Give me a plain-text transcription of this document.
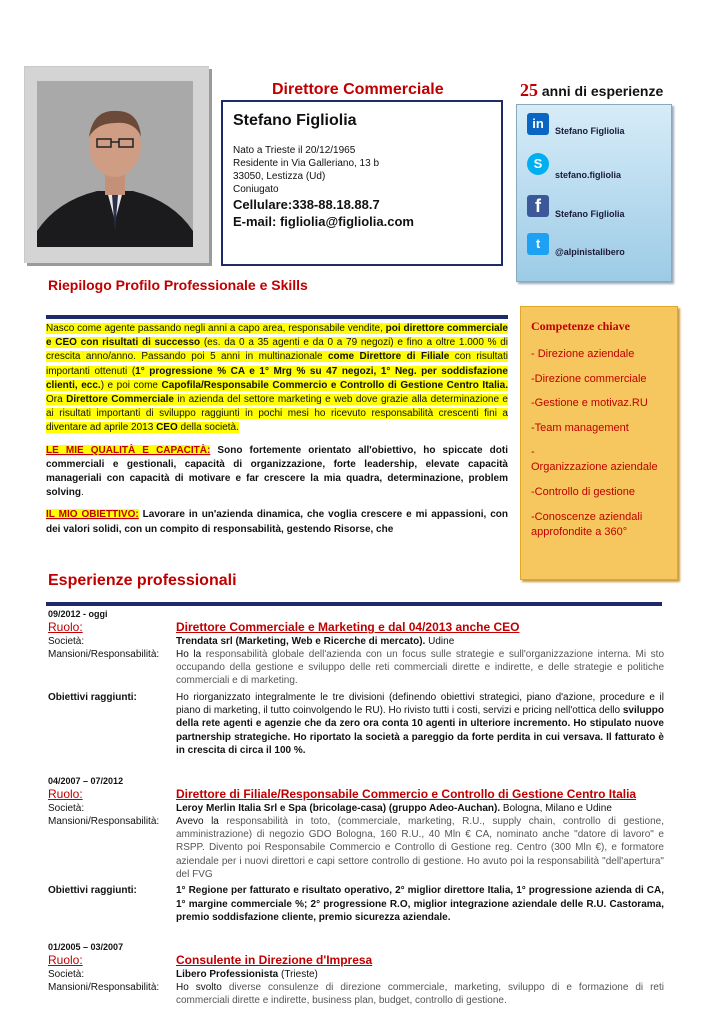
Direttore Commerciale	25 anni di esperienze
Stefano Figliolia
Nato a Trieste il 20/12/1965
Residente in Via Galleriano, 13 b
33050, Lestizza (Ud)
Coniugato
Cellulare:338-88.18.88.7
E-mail: figliolia@figliolia.com
in	Stefano Figliolia
S
stefano.figliolia
f	Stefano Figliolia
t
@alpinistalibero
Riepilogo Profilo Professionale e Skills
Nasco come agente passando negli anni a capo area, responsabile vendite, poi direttore commerciale e CEO con risultati di successo (es. da 0 a 35 agenti e da 0 a 79 negozi) e fino a oltre 1.000 % di crescita anno/anno. Passando poi 5 anni in multinazionale come Direttore di Filiale con risultati importanti ottenuti (1° progressione % CA e 1° Mrg % su 47 negozi, 1° Neg. per soddisfazione clienti, ecc.) e poi come Capofila/Responsabile Commercio e Controllo di Gestione Centro Italia. Ora Direttore Commerciale in azienda del settore marketing e web dove grazie alla determinazione e ai risultati importanti di sviluppo raggiunti in pochi mesi ho ricevuto responsabilità crescenti fini a diventare ad aprile 2013 CEO della società.
LE MIE QUALITÀ E CAPACITÀ: Sono fortemente orientato all'obiettivo, ho spiccate doti commerciali e gestionali, capacità di organizzazione, forte leadership, elevate capacità manageriali con capacità di motivare e far crescere la mia quadra, determinazione, problem solving.
IL MIO OBIETTIVO: Lavorare in un'azienda dinamica, che voglia crescere e mi appassioni, con dei valori solidi, con un compito di responsabilità, gestendo Risorse, che
Competenze chiave
- Direzione aziendale
-Direzione commerciale
-Gestione e motivaz.RU
-Team management
-Organizzazione aziendale
-Controllo di gestione
-Conoscenze aziendali approfondite a 360°
Esperienze professionali
09/2012 - oggi
Ruolo:	Direttore Commerciale e Marketing e dal 04/2013 anche CEO
Società:	Trendata srl (Marketing, Web e Ricerche di mercato). Udine
Mansioni/Responsabilità:	Ho la responsabilità globale dell'azienda con un focus sulle strategie e sull'organizzazione interna. Mi sto occupando della gestione e sviluppo delle reti commerciali dirette e indirette, e delle strategie e politiche commerciali e di marketing.
Obiettivi raggiunti:	Ho riorganizzato integralmente le tre divisioni (definendo obiettivi strategici, piano d'azione, procedure e il piano di marketing, il tutto coinvolgendo le RU). Ho rivisto tutti i costi, servizi e pricing nell'ottica dello sviluppo della rete agenti e agenzie che da zero ora conta 10 agenti in ulteriore incremento. Ho stipulato nuove partnership strategiche. Ho riportato la società a pareggio da forte perdita in cui versava. Il fatturato è in crescita di circa il 100 %.
04/2007 – 07/2012
Ruolo:	Direttore di Filiale/Responsabile Commercio e Controllo di Gestione Centro Italia
Società:	Leroy Merlin Italia Srl e Spa (bricolage-casa) (gruppo Adeo-Auchan). Bologna, Milano e Udine
Mansioni/Responsabilità:	Avevo la responsabilità in toto, (commerciale, marketing, R.U., supply chain, controllo di gestione, amministrazione) di negozio GDO Bologna, 160 R.U., 40 Mln € CA, nominato anche "datore di lavoro" e RSPP. Divento poi Responsabile Commercio e Controllo di Gestione reg. Centro (300 Mln €), e formatore aziendale per i nuovi direttori e capi settore controllo di gestione. Ho avuto poi la responsabilità "dell'apertura" del FVG
Obiettivi raggiunti:	1° Regione per fatturato e risultato operativo, 2° miglior direttore Italia, 1° progressione azienda di CA, 1° margine commerciale %; 2° progressione R.O, miglior integrazione aziendale delle R.U. Castorama, premio soddisfazione cliente, premio sicurezza aziendale.
01/2005 – 03/2007
Ruolo:	Consulente in Direzione d'Impresa
Società:	Libero Professionista (Trieste)
Mansioni/Responsabilità:	Ho svolto diverse consulenze di direzione commerciale, marketing, sviluppo di e formazione di reti commerciali dirette e indirette, business plan, budget, controllo di gestione.
